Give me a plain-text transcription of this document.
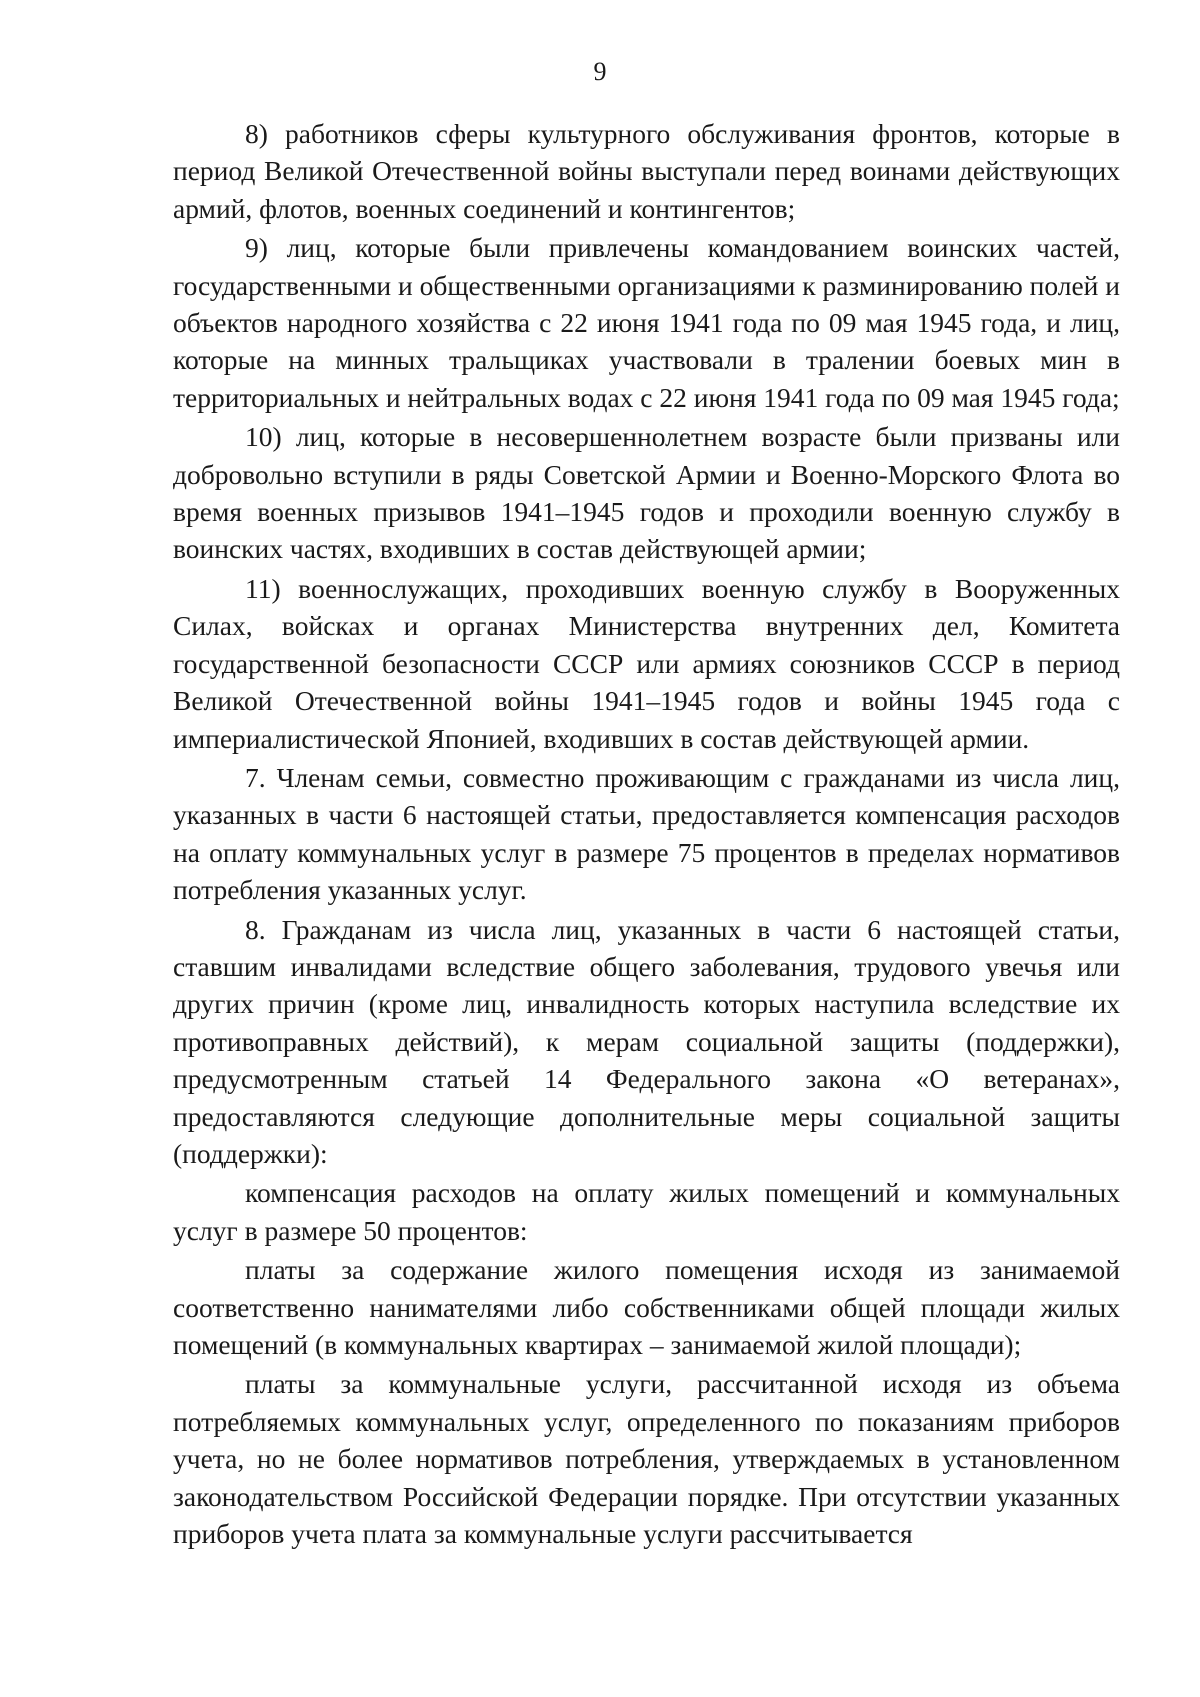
9

8) работников сферы культурного обслуживания фронтов, которые в период Великой Отечественной войны выступали перед воинами действующих армий, флотов, военных соединений и контингентов;

9) лиц, которые были привлечены командованием воинских частей, государственными и общественными организациями к разминированию полей и объектов народного хозяйства с 22 июня 1941 года по 09 мая 1945 года, и лиц, которые на минных тральщиках участвовали в тралении боевых мин в территориальных и нейтральных водах с 22 июня 1941 года по 09 мая 1945 года;

10) лиц, которые в несовершеннолетнем возрасте были призваны или добровольно вступили в ряды Советской Армии и Военно-Морского Флота во время военных призывов 1941–1945 годов и проходили военную службу в воинских частях, входивших в состав действующей армии;

11) военнослужащих, проходивших военную службу в Вооруженных Силах, войсках и органах Министерства внутренних дел, Комитета государственной безопасности СССР или армиях союзников СССР в период Великой Отечественной войны 1941–1945 годов и войны 1945 года с империалистической Японией, входивших в состав действующей армии.

7. Членам семьи, совместно проживающим с гражданами из числа лиц, указанных в части 6 настоящей статьи, предоставляется компенсация расходов на оплату коммунальных услуг в размере 75 процентов в пределах нормативов потребления указанных услуг.

8. Гражданам из числа лиц, указанных в части 6 настоящей статьи, ставшим инвалидами вследствие общего заболевания, трудового увечья или других причин (кроме лиц, инвалидность которых наступила вследствие их противоправных действий), к мерам социальной защиты (поддержки), предусмотренным статьей 14 Федерального закона «О ветеранах», предоставляются следующие дополнительные меры социальной защиты (поддержки):

компенсация расходов на оплату жилых помещений и коммунальных услуг в размере 50 процентов:

платы за содержание жилого помещения исходя из занимаемой соответственно нанимателями либо собственниками общей площади жилых помещений (в коммунальных квартирах – занимаемой жилой площади);

платы за коммунальные услуги, рассчитанной исходя из объема потребляемых коммунальных услуг, определенного по показаниям приборов учета, но не более нормативов потребления, утверждаемых в установленном законодательством Российской Федерации порядке. При отсутствии указанных приборов учета плата за коммунальные услуги рассчитывается
